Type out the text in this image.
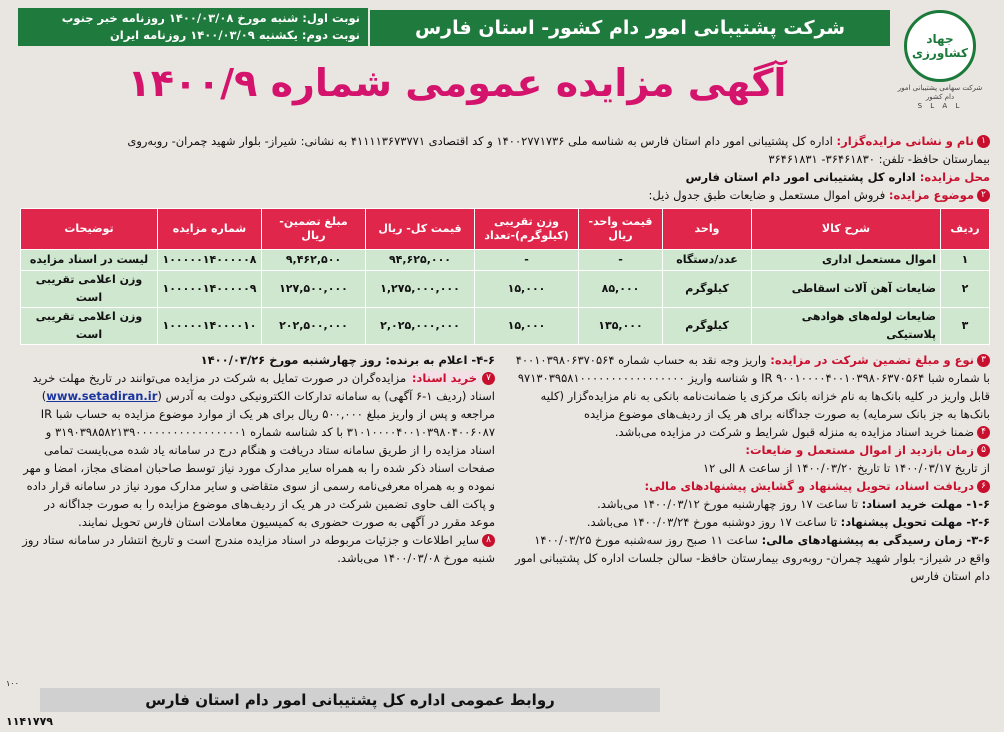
جهاد کشاورزی
شرکت سهامی پشتیبانی امور دام کشور
S L A L
شرکت پشتیبانی امور دام کشور- استان فارس
نوبت اول: شنبه مورخ ۱۴۰۰/۰۳/۰۸ روزنامه خبر جنوب
نوبت دوم: یکشنبه ۱۴۰۰/۰۳/۰۹ روزنامه ایران
آگهی مزایده عمومی شماره ۱۴۰۰/۹

۱نام و نشانی مزایده‌گزار: اداره کل پشتیبانی امور دام استان فارس به شناسه ملی ۱۴۰۰۲۷۷۱۷۳۶ و کد اقتصادی ۴۱۱۱۱۳۶۷۳۷۷۱ به نشانی: شیراز- بلوار شهید چمران- روبه‌روی

بیمارستان حافظ- تلفن: ۳۶۴۶۱۸۳۰- ۳۶۴۶۱۸۳۱

محل مزایده: اداره کل پشتیبانی امور دام استان فارس

۲موضوع مزایده: فروش اموال مستعمل و ضایعات طبق جدول ذیل:

ردیف	شرح کالا	واحد	قیمت واحد- ریال	وزن تقریبی (کیلوگرم)-تعداد	قیمت کل- ریال	مبلغ تضمین- ریال	شماره مزایده	توضیحات
۱	اموال مستعمل اداری	عدد/دستگاه	-	-	۹۴,۶۲۵,۰۰۰	۹,۴۶۲,۵۰۰	۱۰۰۰۰۰۱۴۰۰۰۰۰۸	لیست در اسناد مزایده
۲	ضایعات آهن آلات اسقاطی	کیلوگرم	۸۵,۰۰۰	۱۵,۰۰۰	۱,۲۷۵,۰۰۰,۰۰۰	۱۲۷,۵۰۰,۰۰۰	۱۰۰۰۰۰۱۴۰۰۰۰۰۹	وزن اعلامی تقریبی است
۳	ضایعات لوله‌های هوادهی پلاستیکی	کیلوگرم	۱۳۵,۰۰۰	۱۵,۰۰۰	۲,۰۲۵,۰۰۰,۰۰۰	۲۰۲,۵۰۰,۰۰۰	۱۰۰۰۰۰۱۴۰۰۰۰۱۰	وزن اعلامی تقریبی است

۳نوع و مبلغ تضمین شرکت در مزایده: واریز وجه نقد به حساب شماره ۴۰۰۱۰۳۹۸۰۶۳۷۰۵۶۴ با شماره شبا IR ۹۰۰۱۰۰۰۰۴۰۰۱۰۳۹۸۰۶۳۷۰۵۶۴ و شناسه واریز ۹۷۱۳۰۳۹۵۸۱۰۰۰۰۰۰۰۰۰۰۰۰۰۰۰۰۰ قابل واریز در کلیه بانک‌ها به نام خزانه بانک مرکزی یا ضمانت‌نامه بانکی به نام مزایده‌گزار (کلیه بانک‌ها به جز بانک سرمایه) به صورت جداگانه برای هر یک از ردیف‌های موضوع مزایده

۴ضمنا خرید اسناد مزایده به منزله قبول شرایط و شرکت در مزایده می‌باشد.

۵زمان بازدید از اموال مستعمل و ضایعات:

از تاریخ ۱۴۰۰/۰۳/۱۷ تا تاریخ ۱۴۰۰/۰۳/۲۰ از ساعت ۸ الی ۱۲

۶دریافت اسناد، تحویل پیشنهاد و گشایش پیشنهادهای مالی:

۱-۶- مهلت خرید اسناد: تا ساعت ۱۷ روز چهارشنبه مورخ ۱۴۰۰/۰۳/۱۲ می‌باشد.

۲-۶- مهلت تحویل پیشنهاد: تا ساعت ۱۷ روز دوشنبه مورخ ۱۴۰۰/۰۳/۲۴ می‌باشد.

۳-۶- زمان رسیدگی به پیشنهادهای مالی: ساعت ۱۱ صبح روز سه‌شنبه مورخ ۱۴۰۰/۰۳/۲۵ واقع در شیراز- بلوار شهید چمران- روبه‌روی بیمارستان حافظ- سالن جلسات اداره کل پشتیبانی امور دام استان فارس

۴-۶- اعلام به برنده: روز چهارشنبه مورخ ۱۴۰۰/۰۳/۲۶

۷خرید اسناد: مزایده‌گران در صورت تمایل به شرکت در مزایده می‌توانند در تاریخ مهلت خرید اسناد (ردیف ۱-۶ آگهی) به سامانه تدارکات الکترونیکی دولت به آدرس (www.setadiran.ir) مراجعه و پس از واریز مبلغ ۵۰۰,۰۰۰ ریال برای هر یک از موارد موضوع مزایده به حساب شبا IR ۳۱۰۱۰۰۰۰۴۰۰۱۰۳۹۸۰۴۰۰۶۰۸۷ با کد شناسه شماره ۳۱۹۰۳۹۸۵۸۲۱۳۹۰۰۰۰۰۰۰۰۰۰۰۰۰۰۰۰۰۱ و اسناد مزایده را از طریق سامانه ستاد دریافت و هنگام درج در سامانه یاد شده می‌بایست تمامی صفحات اسناد ذکر شده را به همراه سایر مدارک مورد نیاز توسط صاحبان امضای مجاز، امضا و مهر نموده و به همراه معرفی‌نامه رسمی از سوی متقاضی و سایر مدارک مورد نیاز در سامانه قرار داده و پاکت الف حاوی تضمین شرکت در هر یک از ردیف‌های موضوع مزایده را به صورت جداگانه در موعد مقرر در آگهی به صورت حضوری به کمیسیون معاملات استان فارس تحویل نمایند.

۸سایر اطلاعات و جزئیات مربوطه در اسناد مزایده مندرج است و تاریخ انتشار در سامانه ستاد روز شنبه مورخ ۱۴۰۰/۰۳/۰۸ می‌باشد.

۱۰۰
روابط عمومی اداره کل پشتیبانی امور دام استان فارس
۱۱۴۱۷۷۹
